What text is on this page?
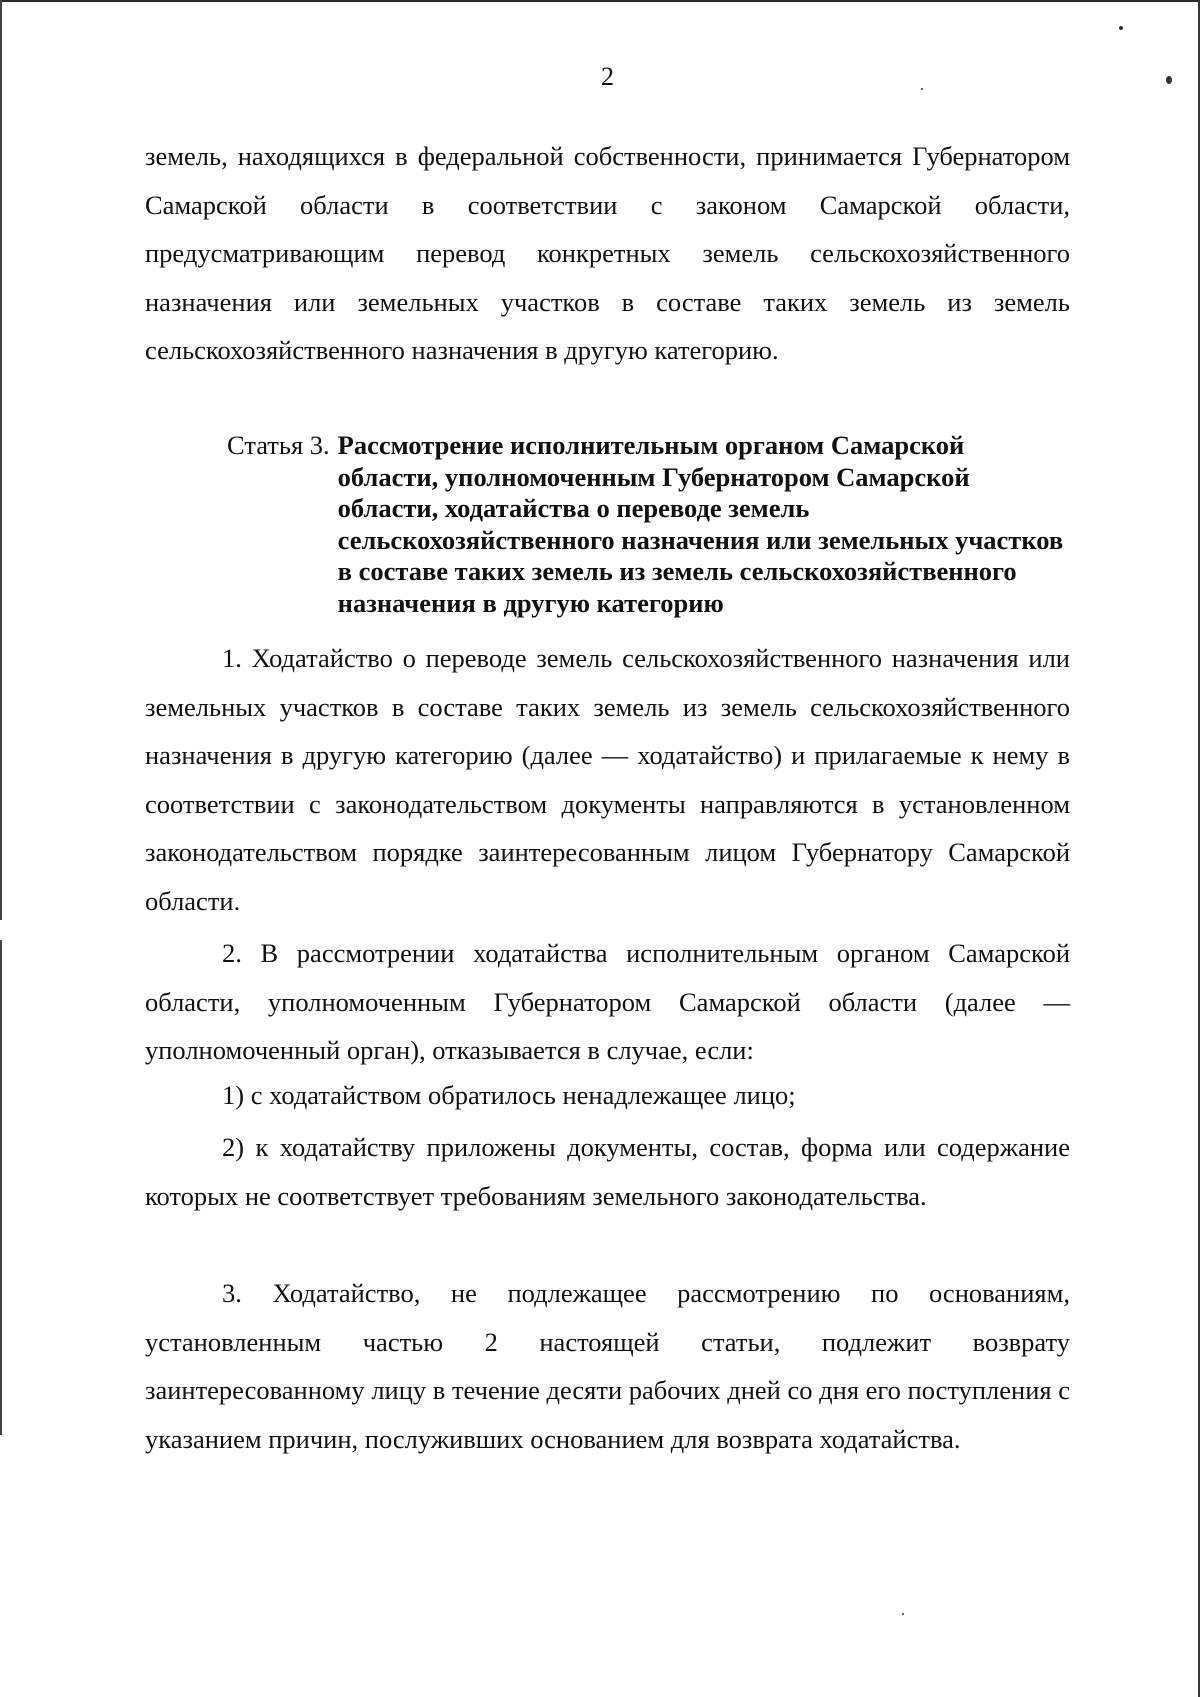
2

земель, находящихся в федеральной собственности, принимается Губернатором Самарской области в соответствии с законом Самарской области, предусматривающим перевод конкретных земель сельскохозяйственного назначения или земельных участков в составе таких земель из земель сельскохозяйственного назначения в другую категорию.

Статья 3. Рассмотрение исполнительным органом Самарской области, уполномоченным Губернатором Самарской области, ходатайства о переводе земель сельскохозяйственного назначения или земельных участков в составе таких земель из земель сельскохозяйственного назначения в другую категорию

1. Ходатайство о переводе земель сельскохозяйственного назначения или земельных участков в составе таких земель из земель сельскохозяйственного назначения в другую категорию (далее — ходатайство) и прилагаемые к нему в соответствии с законодательством документы направляются в установленном законодательством порядке заинтересованным лицом Губернатору Самарской области.

2. В рассмотрении ходатайства исполнительным органом Самарской области, уполномоченным Губернатором Самарской области (далее — уполномоченный орган), отказывается в случае, если:

1) с ходатайством обратилось ненадлежащее лицо;

2) к ходатайству приложены документы, состав, форма или содержание которых не соответствует требованиям земельного законодательства.

3. Ходатайство, не подлежащее рассмотрению по основаниям, установленным частью 2 настоящей статьи, подлежит возврату заинтересованному лицу в течение десяти рабочих дней со дня его поступления с указанием причин, послуживших основанием для возврата ходатайства.
